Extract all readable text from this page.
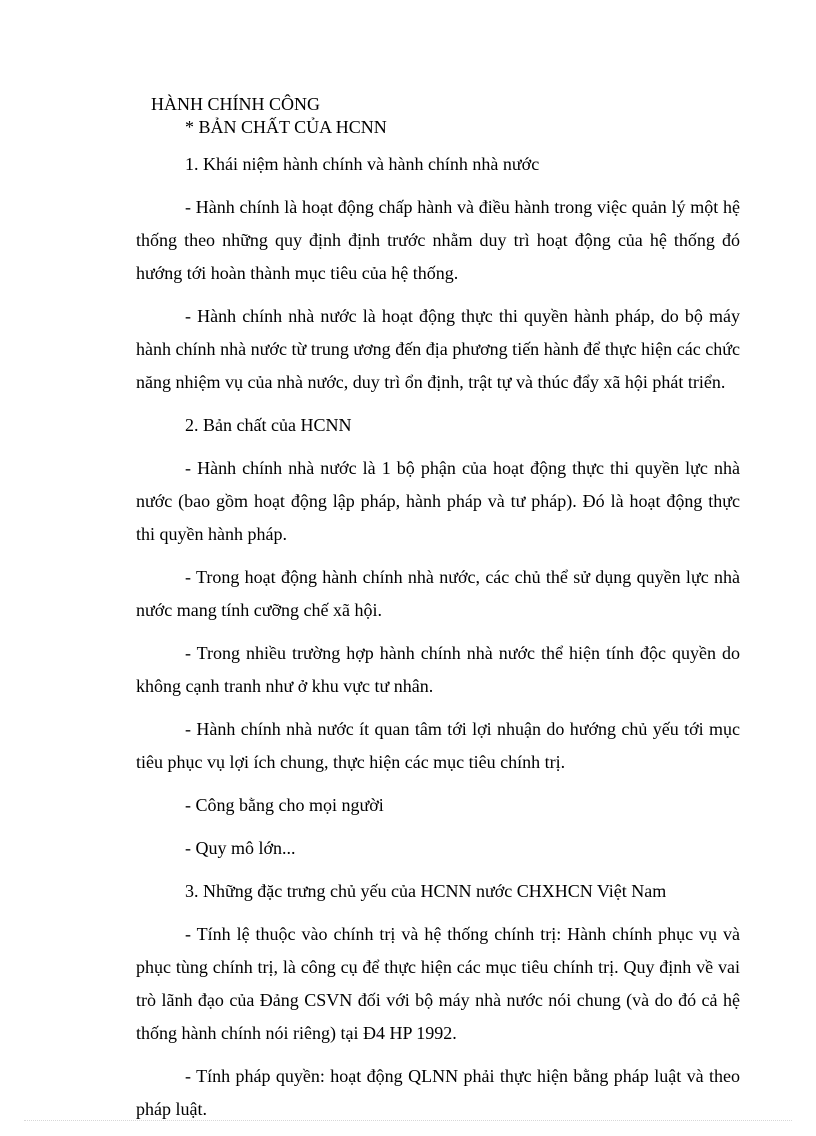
HÀNH CHÍNH CÔNG
* BẢN CHẤT CỦA HCNN

1. Khái niệm hành chính và hành chính nhà nước

- Hành chính là hoạt động chấp hành và điều hành trong việc quản lý một hệ thống theo những quy định định trước nhằm duy trì hoạt động của hệ thống đó hướng tới hoàn thành mục tiêu của hệ thống.

- Hành chính nhà nước là hoạt động thực thi quyền hành pháp, do bộ máy hành chính nhà nước từ trung ương đến địa phương tiến hành để thực hiện các chức năng nhiệm vụ của nhà nước, duy trì ổn định, trật tự và thúc đẩy xã hội phát triển.

2. Bản chất của HCNN

- Hành chính nhà nước là 1 bộ phận của hoạt động thực thi quyền lực nhà nước (bao gồm hoạt động lập pháp, hành pháp và tư pháp). Đó là hoạt động thực thi quyền hành pháp.

- Trong hoạt động hành chính nhà nước, các chủ thể sử dụng quyền lực nhà nước mang tính cưỡng chế xã hội.

- Trong nhiều trường hợp hành chính nhà nước thể hiện tính độc quyền do không cạnh tranh như ở khu vực tư nhân.

- Hành chính nhà nước ít quan tâm tới lợi nhuận do hướng chủ yếu tới mục tiêu phục vụ lợi ích chung, thực hiện các mục tiêu chính trị.

- Công bằng cho mọi người

- Quy mô lớn...

3. Những đặc trưng chủ yếu của HCNN nước CHXHCN Việt Nam

- Tính lệ thuộc vào chính trị và hệ thống chính trị: Hành chính phục vụ và phục tùng chính trị, là công cụ để thực hiện các mục tiêu chính trị. Quy định về vai trò lãnh đạo của Đảng CSVN đối với bộ máy nhà nước nói chung (và do đó cả hệ thống hành chính nói riêng) tại Đ4 HP 1992.

- Tính pháp quyền: hoạt động QLNN phải thực hiện bằng pháp luật và theo pháp luật.
